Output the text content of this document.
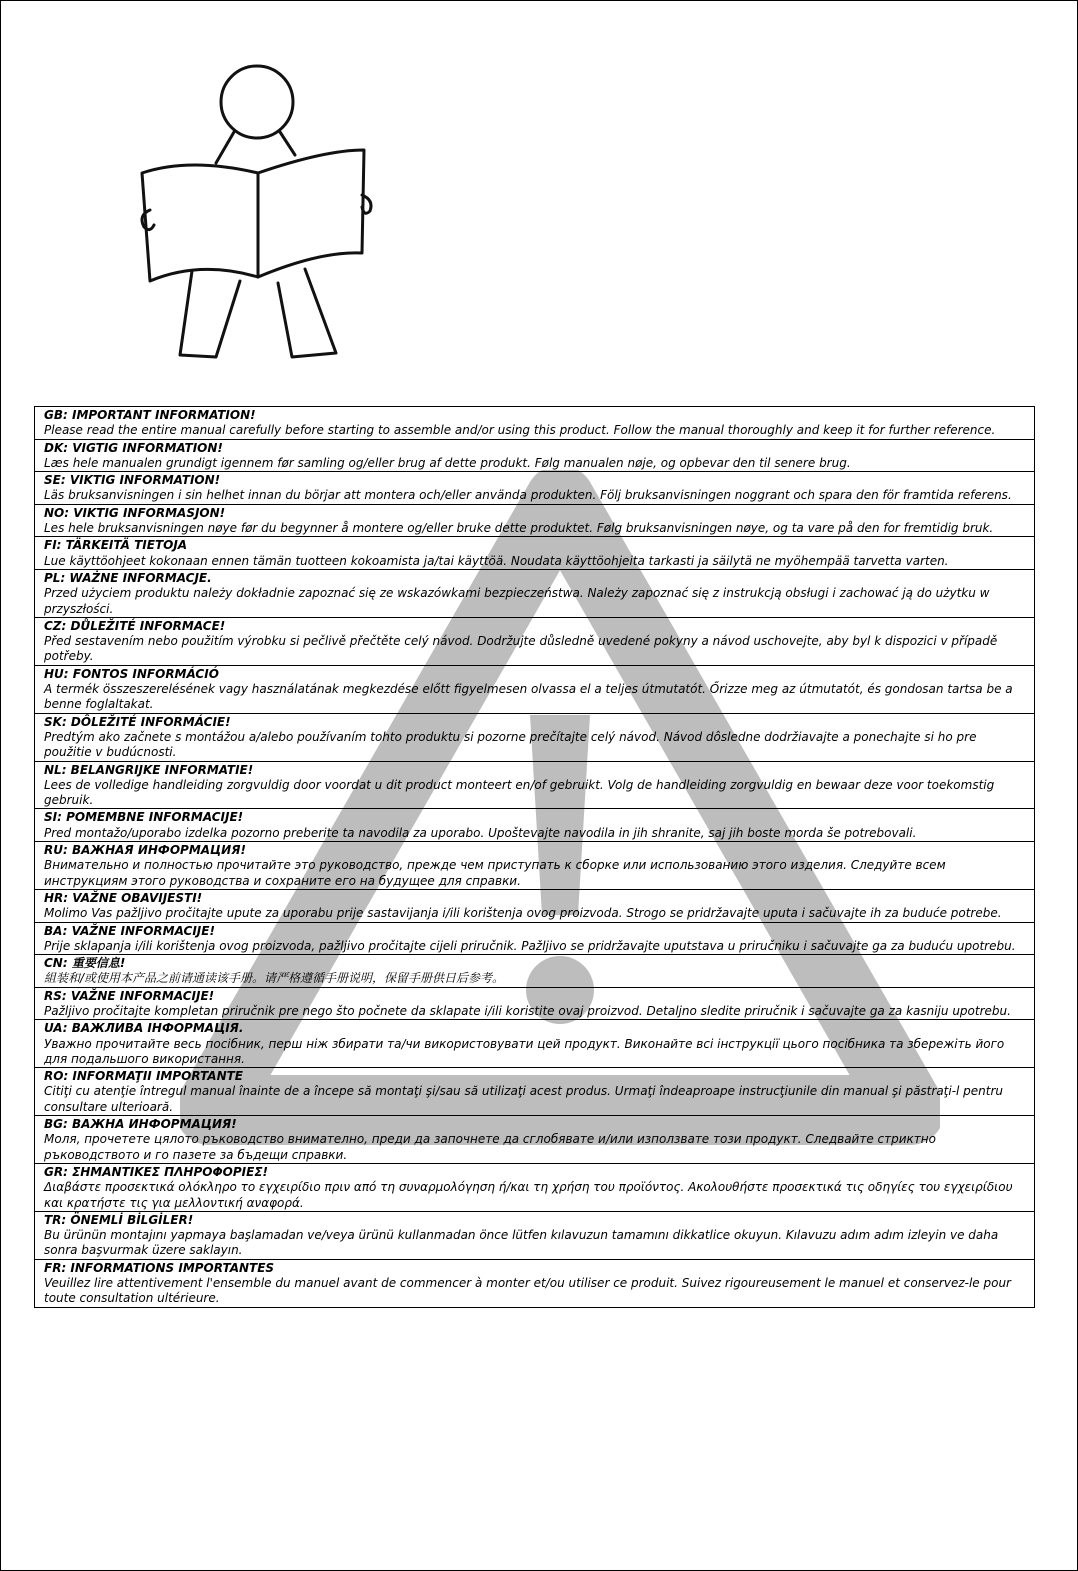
GB: IMPORTANT INFORMATION!
Please read the entire manual carefully before starting to assemble and/or using this product. Follow the manual thoroughly and keep it for further reference.

DK: VIGTIG INFORMATION!
Læs hele manualen grundigt igennem før samling og/eller brug af dette produkt. Følg manualen nøje, og opbevar den til senere brug.

SE: VIKTIG INFORMATION!
Läs bruksanvisningen i sin helhet innan du börjar att montera och/eller använda produkten. Följ bruksanvisningen noggrant och spara den för framtida referens.

NO: VIKTIG INFORMASJON!
Les hele bruksanvisningen nøye før du begynner å montere og/eller bruke dette produktet. Følg bruksanvisningen nøye, og ta vare på den for fremtidig bruk.

FI: TÄRKEITÄ TIETOJA
Lue käyttöohjeet kokonaan ennen tämän tuotteen kokoamista ja/tai käyttöä. Noudata käyttöohjeita tarkasti ja säilytä ne myöhempää tarvetta varten.

PL: WAŻNE INFORMACJE.
Przed użyciem produktu należy dokładnie zapoznać się ze wskazówkami bezpieczeństwa. Należy zapoznać się z instrukcją obsługi i zachować ją do użytku w przyszłości.

CZ: DŮLEŽITÉ INFORMACE!
Před sestavením nebo použitím výrobku si pečlivě přečtěte celý návod. Dodržujte důsledně uvedené pokyny a návod uschovejte, aby byl k dispozici v případě potřeby.

HU: FONTOS INFORMÁCIÓ
A termék összeszerelésének vagy használatának megkezdése előtt figyelmesen olvassa el a teljes útmutatót. Őrizze meg az útmutatót, és gondosan tartsa be a benne foglaltakat.

SK: DÔLEŽITÉ INFORMÁCIE!
Predtým ako začnete s montážou a/alebo používaním tohto produktu si pozorne prečítajte celý návod. Návod dôsledne dodržiavajte a ponechajte si ho pre použitie v budúcnosti.

NL: BELANGRIJKE INFORMATIE!
Lees de volledige handleiding zorgvuldig door voordat u dit product monteert en/of gebruikt. Volg de handleiding zorgvuldig en bewaar deze voor toekomstig gebruik.

SI: POMEMBNE INFORMACIJE!
Pred montažo/uporabo izdelka pozorno preberite ta navodila za uporabo. Upoštevajte navodila in jih shranite, saj jih boste morda še potrebovali.

RU: ВАЖНАЯ ИНФОРМАЦИЯ!
Внимательно и полностью прочитайте это руководство, прежде чем приступать к сборке или использованию этого изделия. Следуйте всем инструкциям этого руководства и сохраните его на будущее для справки.

HR: VAŽNE OBAVIJESTI!
Molimo Vas pažljivo pročitajte upute za uporabu prije sastavijanja i/ili korištenja ovog proizvoda. Strogo se pridržavajte uputa i sačuvajte ih za buduće potrebe.

BA: VAŽNE INFORMACIJE!
Prije sklapanja i/ili korištenja ovog proizvoda, pažljivo pročitajte cijeli priručnik. Pažljivo se pridržavajte uputstava u priručniku i sačuvajte ga za buduću upotrebu.

CN: 重要信息!
組装和/或使用本产品之前请通读该手册。请严格遵循手册说明，保留手册供日后参考。

RS: VAŽNE INFORMACIJE!
Pažljivo pročitajte kompletan priručnik pre nego što počnete da sklapate i/ili koristite ovaj proizvod. Detaljno sledite priručnik i sačuvajte ga za kasniju upotrebu.

UA: ВАЖЛИВА ІНФОРМАЦІЯ.
Уважно прочитайте весь посібник, перш ніж збирати та/чи використовувати цей продукт. Виконайте всі інструкції цього посібника та збережіть його для подальшого використання.

RO: INFORMAŢII IMPORTANTE
Citiţi cu atenţie întregul manual înainte de a începe să montaţi şi/sau să utilizaţi acest produs. Urmaţi îndeaproape instrucţiunile din manual şi păstraţi-l pentru consultare ulterioară.

BG: ВАЖНА ИНФОРМАЦИЯ!
Моля, прочетете цялото ръководство внимателно, преди да започнете да сглобявате и/или използвате този продукт. Следвайте стриктно ръководството и го пазете за бъдещи справки.

GR: ΣΗΜΑΝΤΙΚΕΣ ΠΛΗΡΟΦΟΡΙΕΣ!
Διαβάστε προσεκτικά ολόκληρο το εγχειρίδιο πριν από τη συναρμολόγηση ή/και τη χρήση του προϊόντος. Ακολουθήστε προσεκτικά τις οδηγίες του εγχειρίδιου και κρατήστε τις για μελλοντική αναφορά.

TR: ÖNEMLİ BİLGİLER!
Bu ürünün montajını yapmaya başlamadan ve/veya ürünü kullanmadan önce lütfen kılavuzun tamamını dikkatlice okuyun. Kılavuzu adım adım izleyin ve daha sonra başvurmak üzere saklayın.

FR: INFORMATIONS IMPORTANTES
Veuillez lire attentivement l'ensemble du manuel avant de commencer à monter et/ou utiliser ce produit. Suivez rigoureusement le manuel et conservez-le pour toute consultation ultérieure.
